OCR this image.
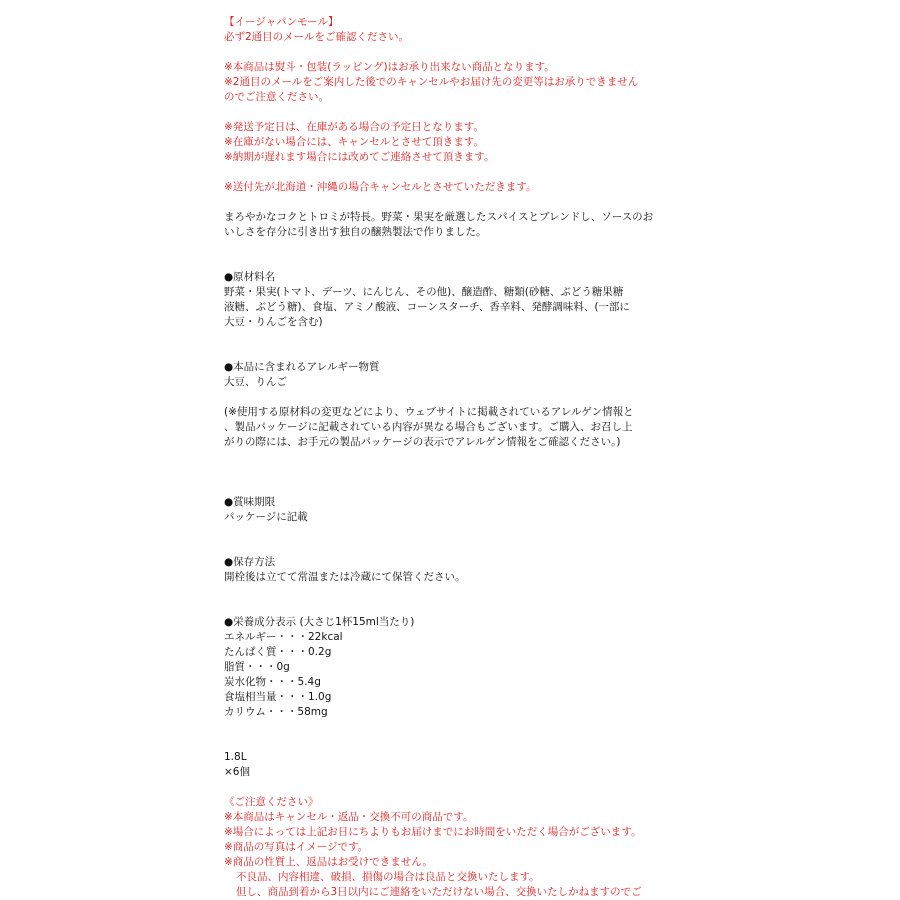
【イージャパンモール】
必ず2通目のメールをご確認ください。
※本商品は熨斗・包装(ラッピング)はお承り出来ない商品となります。
※2通目のメールをご案内した後でのキャンセルやお届け先の変更等はお承りできません
のでご注意ください。
※発送予定日は、在庫がある場合の予定日となります。
※在庫がない場合には、キャンセルとさせて頂きます。
※納期が遅れます場合には改めてご連絡させて頂きます。
※送付先が北海道・沖縄の場合キャンセルとさせていただきます。
まろやかなコクとトロミが特長。野菜・果実を厳選したスパイスとブレンドし、ソースのお
いしさを存分に引き出す独自の醸熟製法で作りました。
●原材料名
野菜・果実(トマト、デーツ、にんじん、その他)、醸造酢、糖類(砂糖、ぶどう糖果糖
液糖、ぶどう糖)、食塩、アミノ酸液、コーンスターチ、香辛料、発酵調味料、(一部に
大豆・りんごを含む)
●本品に含まれるアレルギー物質
大豆、りんご
(※使用する原材料の変更などにより、ウェブサイトに掲載されているアレルゲン情報と
、製品パッケージに記載されている内容が異なる場合もございます。ご購入、お召し上
がりの際には、お手元の製品パッケージの表示でアレルゲン情報をご確認ください。)
●賞味期限
パッケージに記載
●保存方法
開栓後は立てて常温または冷蔵にて保管ください。
●栄養成分表示 (大さじ1杯15ml当たり)
エネルギー・・・22kcal
たんぱく質・・・0.2g
脂質・・・0g
炭水化物・・・5.4g
食塩相当量・・・1.0g
カリウム・・・58mg
1.8L
×6個
《ご注意ください》
※本商品はキャンセル・返品・交換不可の商品です。
※場合によっては上記お日にちよりもお届けまでにお時間をいただく場合がございます。
※商品の写真はイメージです。
※商品の性質上、返品はお受けできません。
不良品、内容相違、破損、損傷の場合は良品と交換いたします。
但し、商品到着から3日以内にご連絡をいただけない場合、交換いたしかねますのでご
